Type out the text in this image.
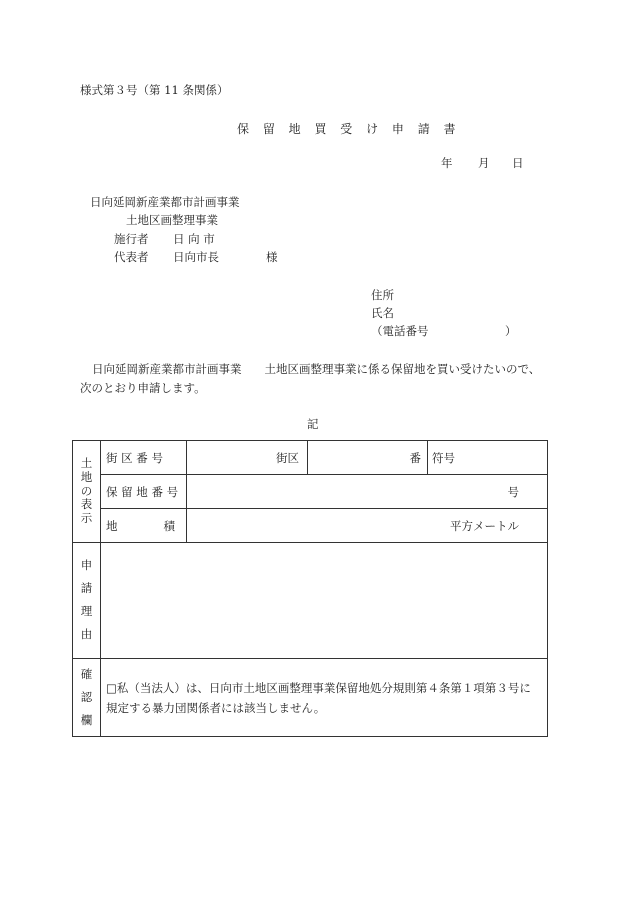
様式第３号（第 11 条関係）
保 留 地 買 受 け 申 請 書
年 月 日
日向延岡新産業都市計画事業
土地区画整理事業
施行者 日 向 市
代表者 日向市長	様
住所
氏名
（電話番号	）
日向延岡新産業都市計画事業　　土地区画整理事業に係る保留地を買い受けたいので、
次のとおり申請します。
記
土
地
の
表
示	街 区 番 号	街区	番	符号
	保 留 地 番 号	号		
	地 積	平方メートル		

申
請
理
由				

確
認
欄	□私（当法人）は、日向市土地区画整理事業保留地処分規則第４条第１項第３号に規定する暴力団関係者には該当しません。			
